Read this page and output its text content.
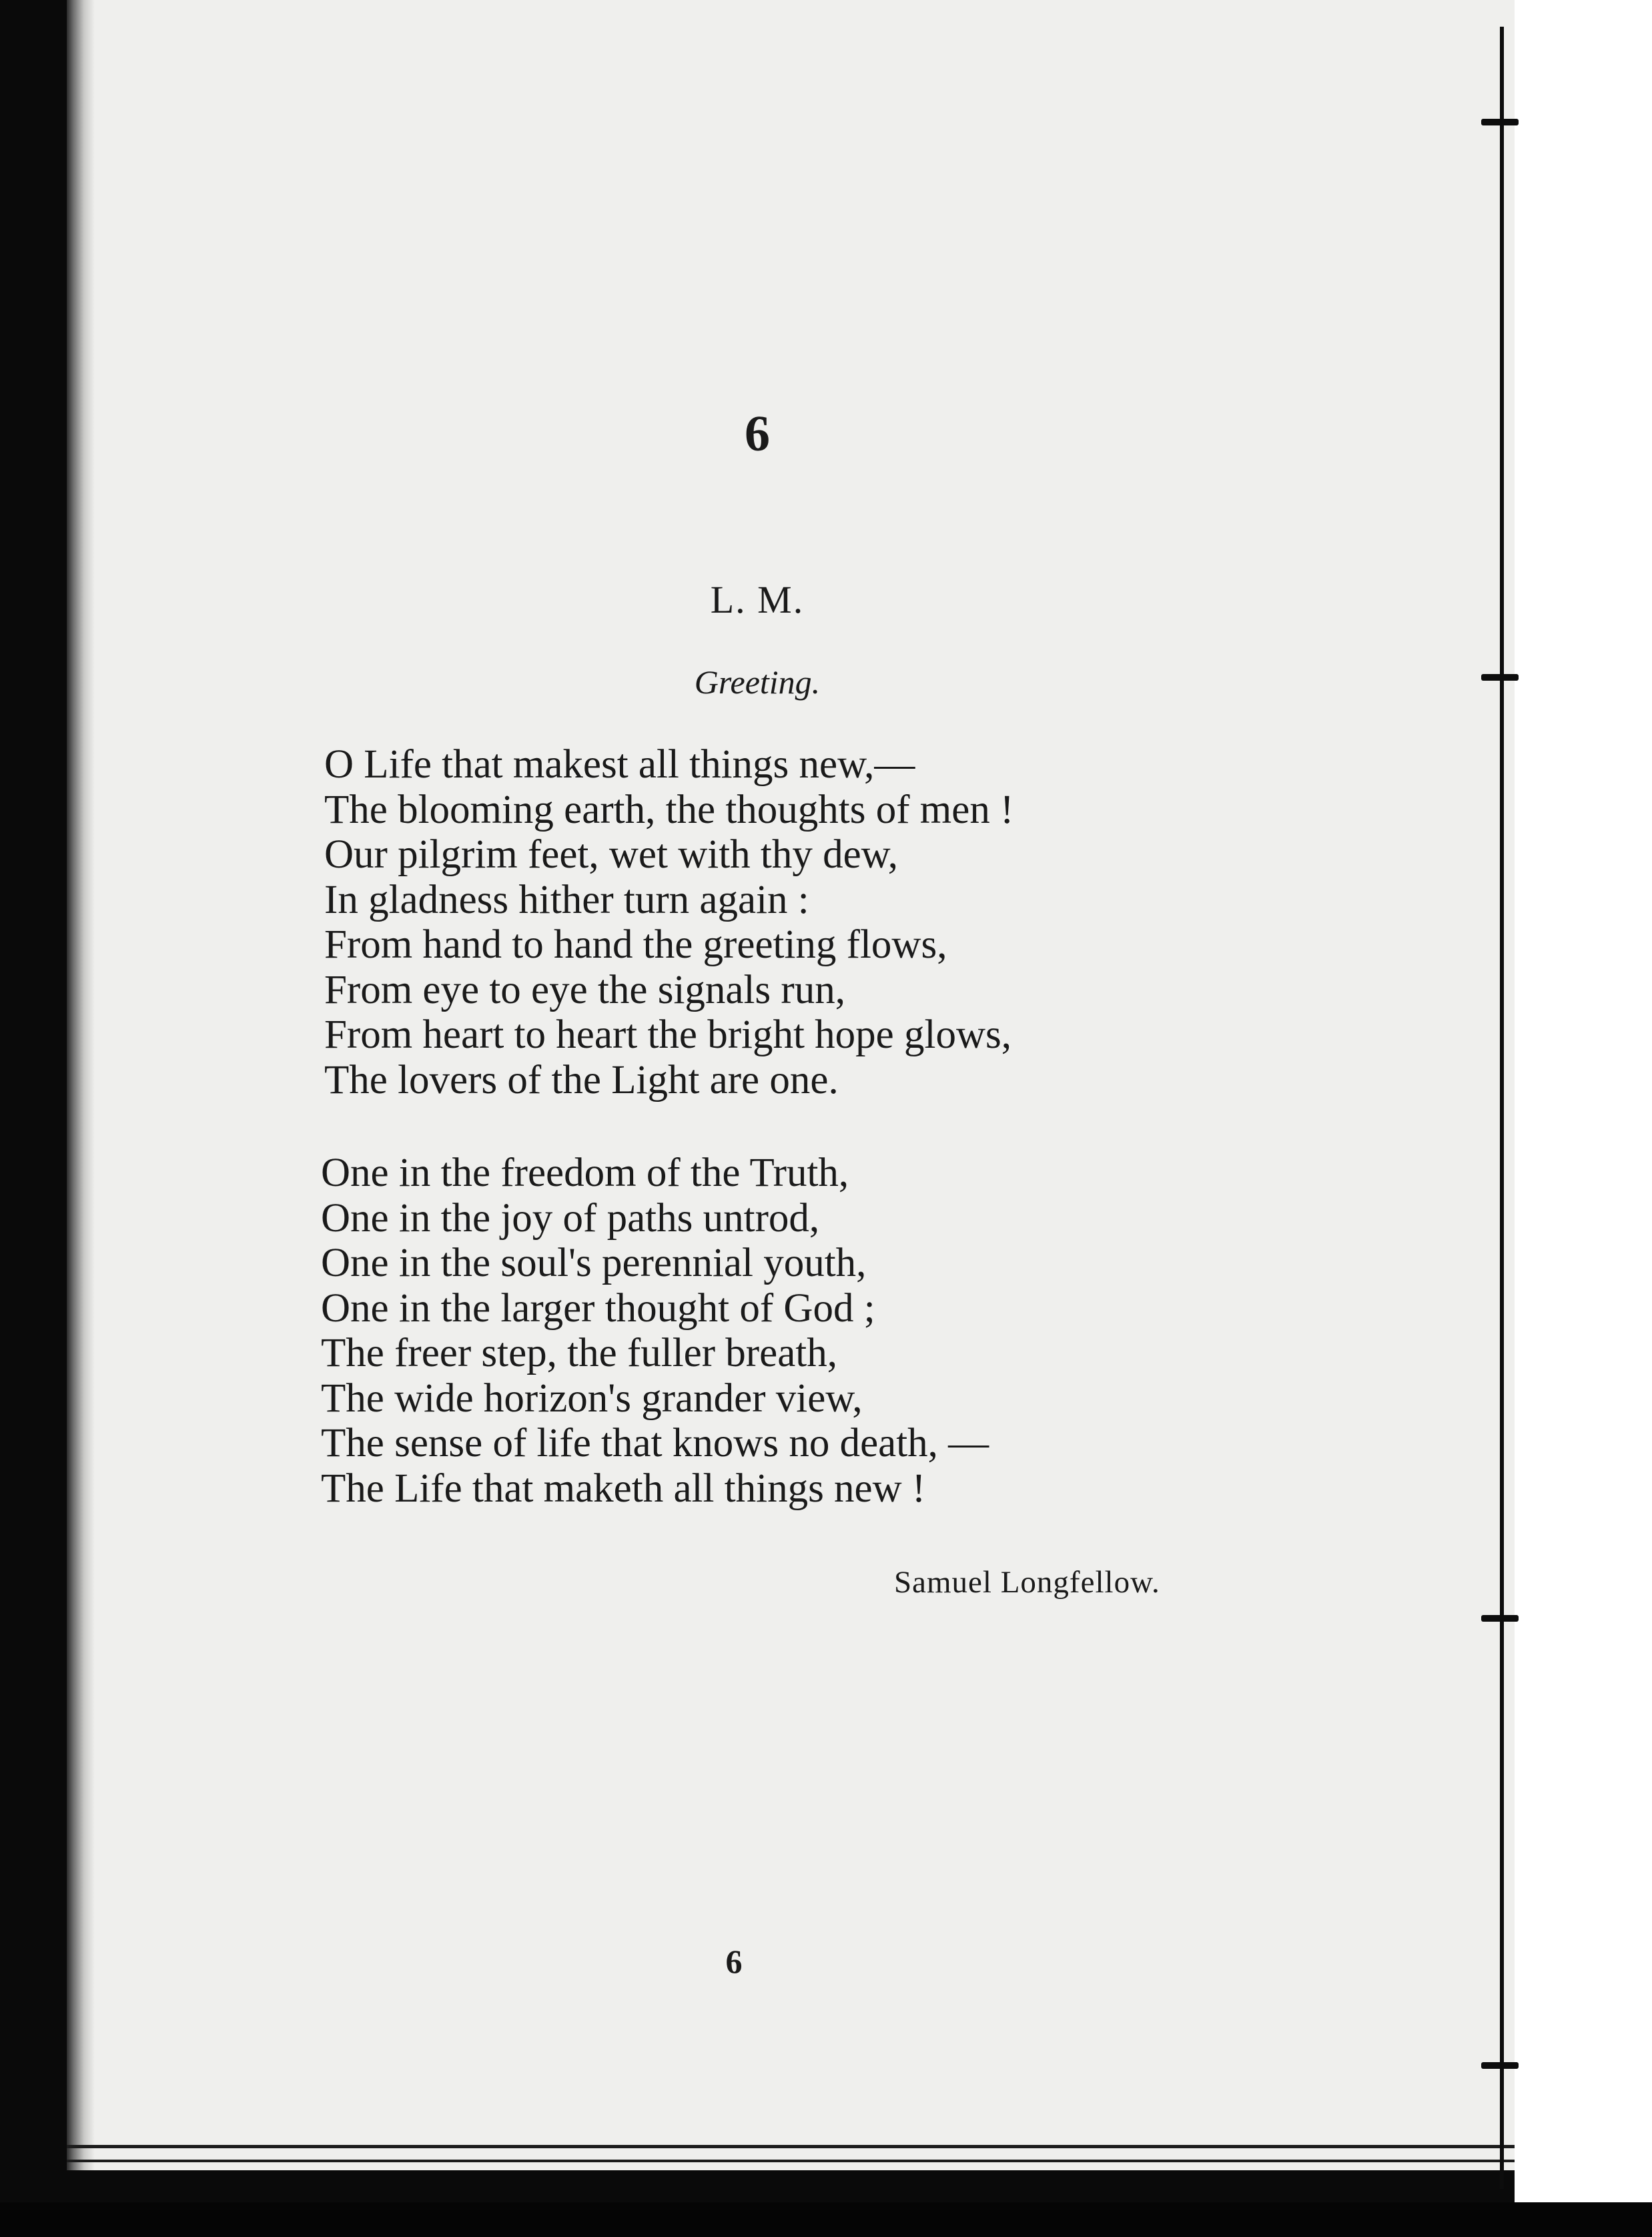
6
L. M.
Greeting.
O Life that makest all things new,—
The blooming earth, the thoughts of men !
Our pilgrim feet, wet with thy dew,
In gladness hither turn again :
From hand to hand the greeting flows,
From eye to eye the signals run,
From heart to heart the bright hope glows,
The lovers of the Light are one.
One in the freedom of the Truth,
One in the joy of paths untrod,
One in the soul's perennial youth,
One in the larger thought of God ;
The freer step, the fuller breath,
The wide horizon's grander view,
The sense of life that knows no death, —
The Life that maketh all things new !
Samuel Longfellow.
6
